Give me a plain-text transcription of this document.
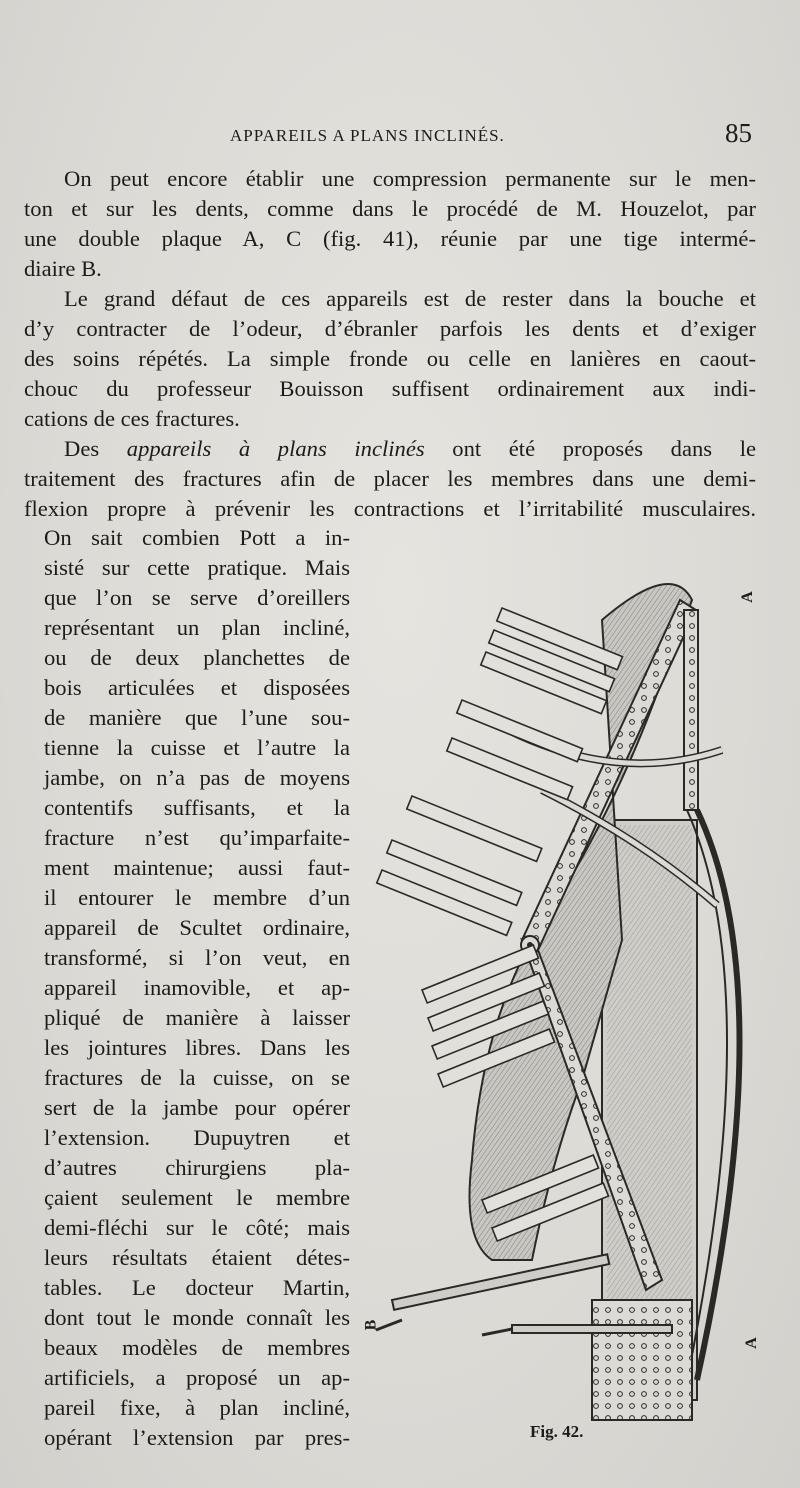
APPAREILS A PLANS INCLINÉS.	85

On peut encore établir une compression permanente sur le men-
ton et sur les dents, comme dans le procédé de M. Houzelot, par
une double plaque A, C (fig. 41), réunie par une tige intermé-
diaire B.

Le grand défaut de ces appareils est de rester dans la bouche et
d’y contracter de l’odeur, d’ébranler parfois les dents et d’exiger
des soins répétés. La simple fronde ou celle en lanières en caout-
chouc du professeur Bouisson suffisent ordinairement aux indi-
cations de ces fractures.

Des appareils à plans inclinés ont été proposés dans le
traitement des fractures afin de placer les membres dans une demi-
flexion propre à prévenir les contractions et l’irritabilité musculaires.

On sait combien Pott a in-
sisté sur cette pratique. Mais
que l’on se serve d’oreillers
représentant un plan incliné,
ou de deux planchettes de
bois articulées et disposées
de manière que l’une sou-
tienne la cuisse et l’autre la
jambe, on n’a pas de moyens
contentifs suffisants, et la
fracture n’est qu’imparfaite-
ment maintenue; aussi faut-
il entourer le membre d’un
appareil de Scultet ordinaire,
transformé, si l’on veut, en
appareil inamovible, et ap-
pliqué de manière à laisser
les jointures libres. Dans les
fractures de la cuisse, on se
sert de la jambe pour opérer
l’extension. Dupuytren et
d’autres chirurgiens pla-
çaient seulement le membre
demi-fléchi sur le côté; mais
leurs résultats étaient détes-
tables. Le docteur Martin,
dont tout le monde connaît les
beaux modèles de membres
artificiels, a proposé un ap-
pareil fixe, à plan incliné,
opérant l’extension par pres-
A
A
B
Fig. 42.
